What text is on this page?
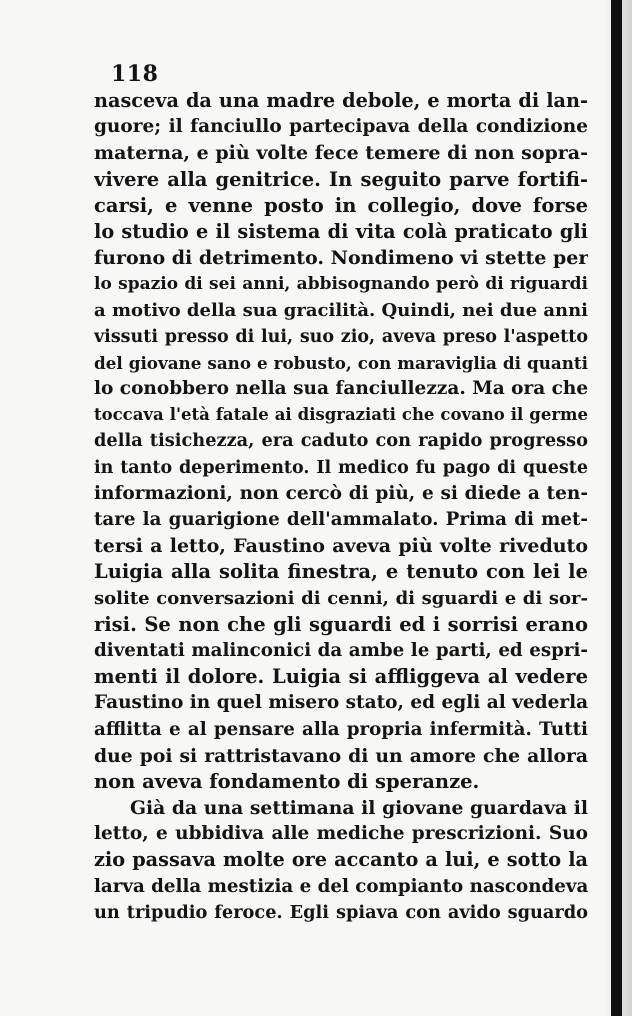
118

nasceva da una madre debole, e morta di lan-
guore; il fanciullo partecipava della condizione
materna, e più volte fece temere di non sopra-
vivere alla genitrice. In seguito parve fortifi-
carsi, e venne posto in collegio, dove forse
lo studio e il sistema di vita colà praticato gli
furono di detrimento. Nondimeno vi stette per
lo spazio di sei anni, abbisognando però di riguardi
a motivo della sua gracilità. Quindi, nei due anni
vissuti presso di lui, suo zio, aveva preso l'aspetto
del giovane sano e robusto, con maraviglia di quanti
lo conobbero nella sua fanciullezza. Ma ora che
toccava l'età fatale ai disgraziati che covano il germe
della tisichezza, era caduto con rapido progresso
in tanto deperimento. Il medico fu pago di queste
informazioni, non cercò di più, e si diede a ten-
tare la guarigione dell'ammalato. Prima di met-
tersi a letto, Faustino aveva più volte riveduto
Luigia alla solita finestra, e tenuto con lei le
solite conversazioni di cenni, di sguardi e di sor-
risi. Se non che gli sguardi ed i sorrisi erano
diventati malinconici da ambe le parti, ed espri-
menti il dolore. Luigia si affliggeva al vedere
Faustino in quel misero stato, ed egli al vederla
afflitta e al pensare alla propria infermità. Tutti
due poi si rattristavano di un amore che allora
non aveva fondamento di speranze.
Già da una settimana il giovane guardava il
letto, e ubbidiva alle mediche prescrizioni. Suo
zio passava molte ore accanto a lui, e sotto la
larva della mestizia e del compianto nascondeva
un tripudio feroce. Egli spiava con avido sguardo
